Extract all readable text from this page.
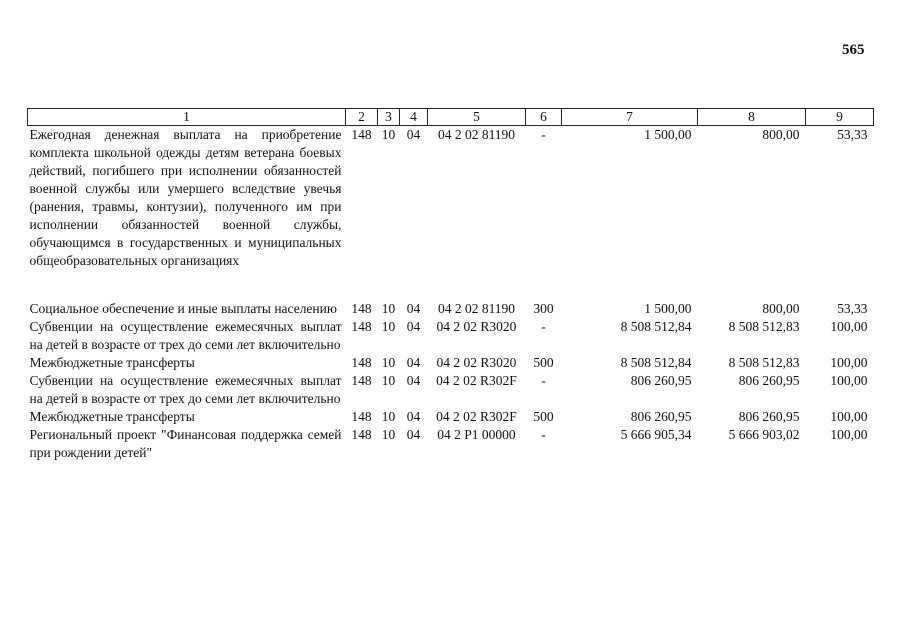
565
1	2	3	4	5	6	7	8	9
Ежегодная денежная выплата на приобретение комплекта школьной одежды детям ветерана боевых действий, погибшего при исполнении обязанностей военной службы или умершего вследствие увечья (ранения, травмы, контузии), полученного им при исполнении обязанностей военной службы, обучающимся в государственных и муниципальных общеобразовательных организациях	148	10	04	04 2 02 81190	-	1 500,00	800,00	53,33

Социальное обеспечение и иные выплаты населению	148	10	04	04 2 02 81190	300	1 500,00	800,00	53,33
Субвенции на осуществление ежемесячных выплат на детей в возрасте от трех до семи лет включительно	148	10	04	04 2 02 R3020	-	8 508 512,84	8 508 512,83	100,00
Межбюджетные трансферты	148	10	04	04 2 02 R3020	500	8 508 512,84	8 508 512,83	100,00
Субвенции на осуществление ежемесячных выплат на детей в возрасте от трех до семи лет включительно	148	10	04	04 2 02 R302F	-	806 260,95	806 260,95	100,00
Межбюджетные трансферты	148	10	04	04 2 02 R302F	500	806 260,95	806 260,95	100,00
Региональный проект "Финансовая поддержка семей при рождении детей"	148	10	04	04 2 P1 00000	-	5 666 905,34	5 666 903,02	100,00
